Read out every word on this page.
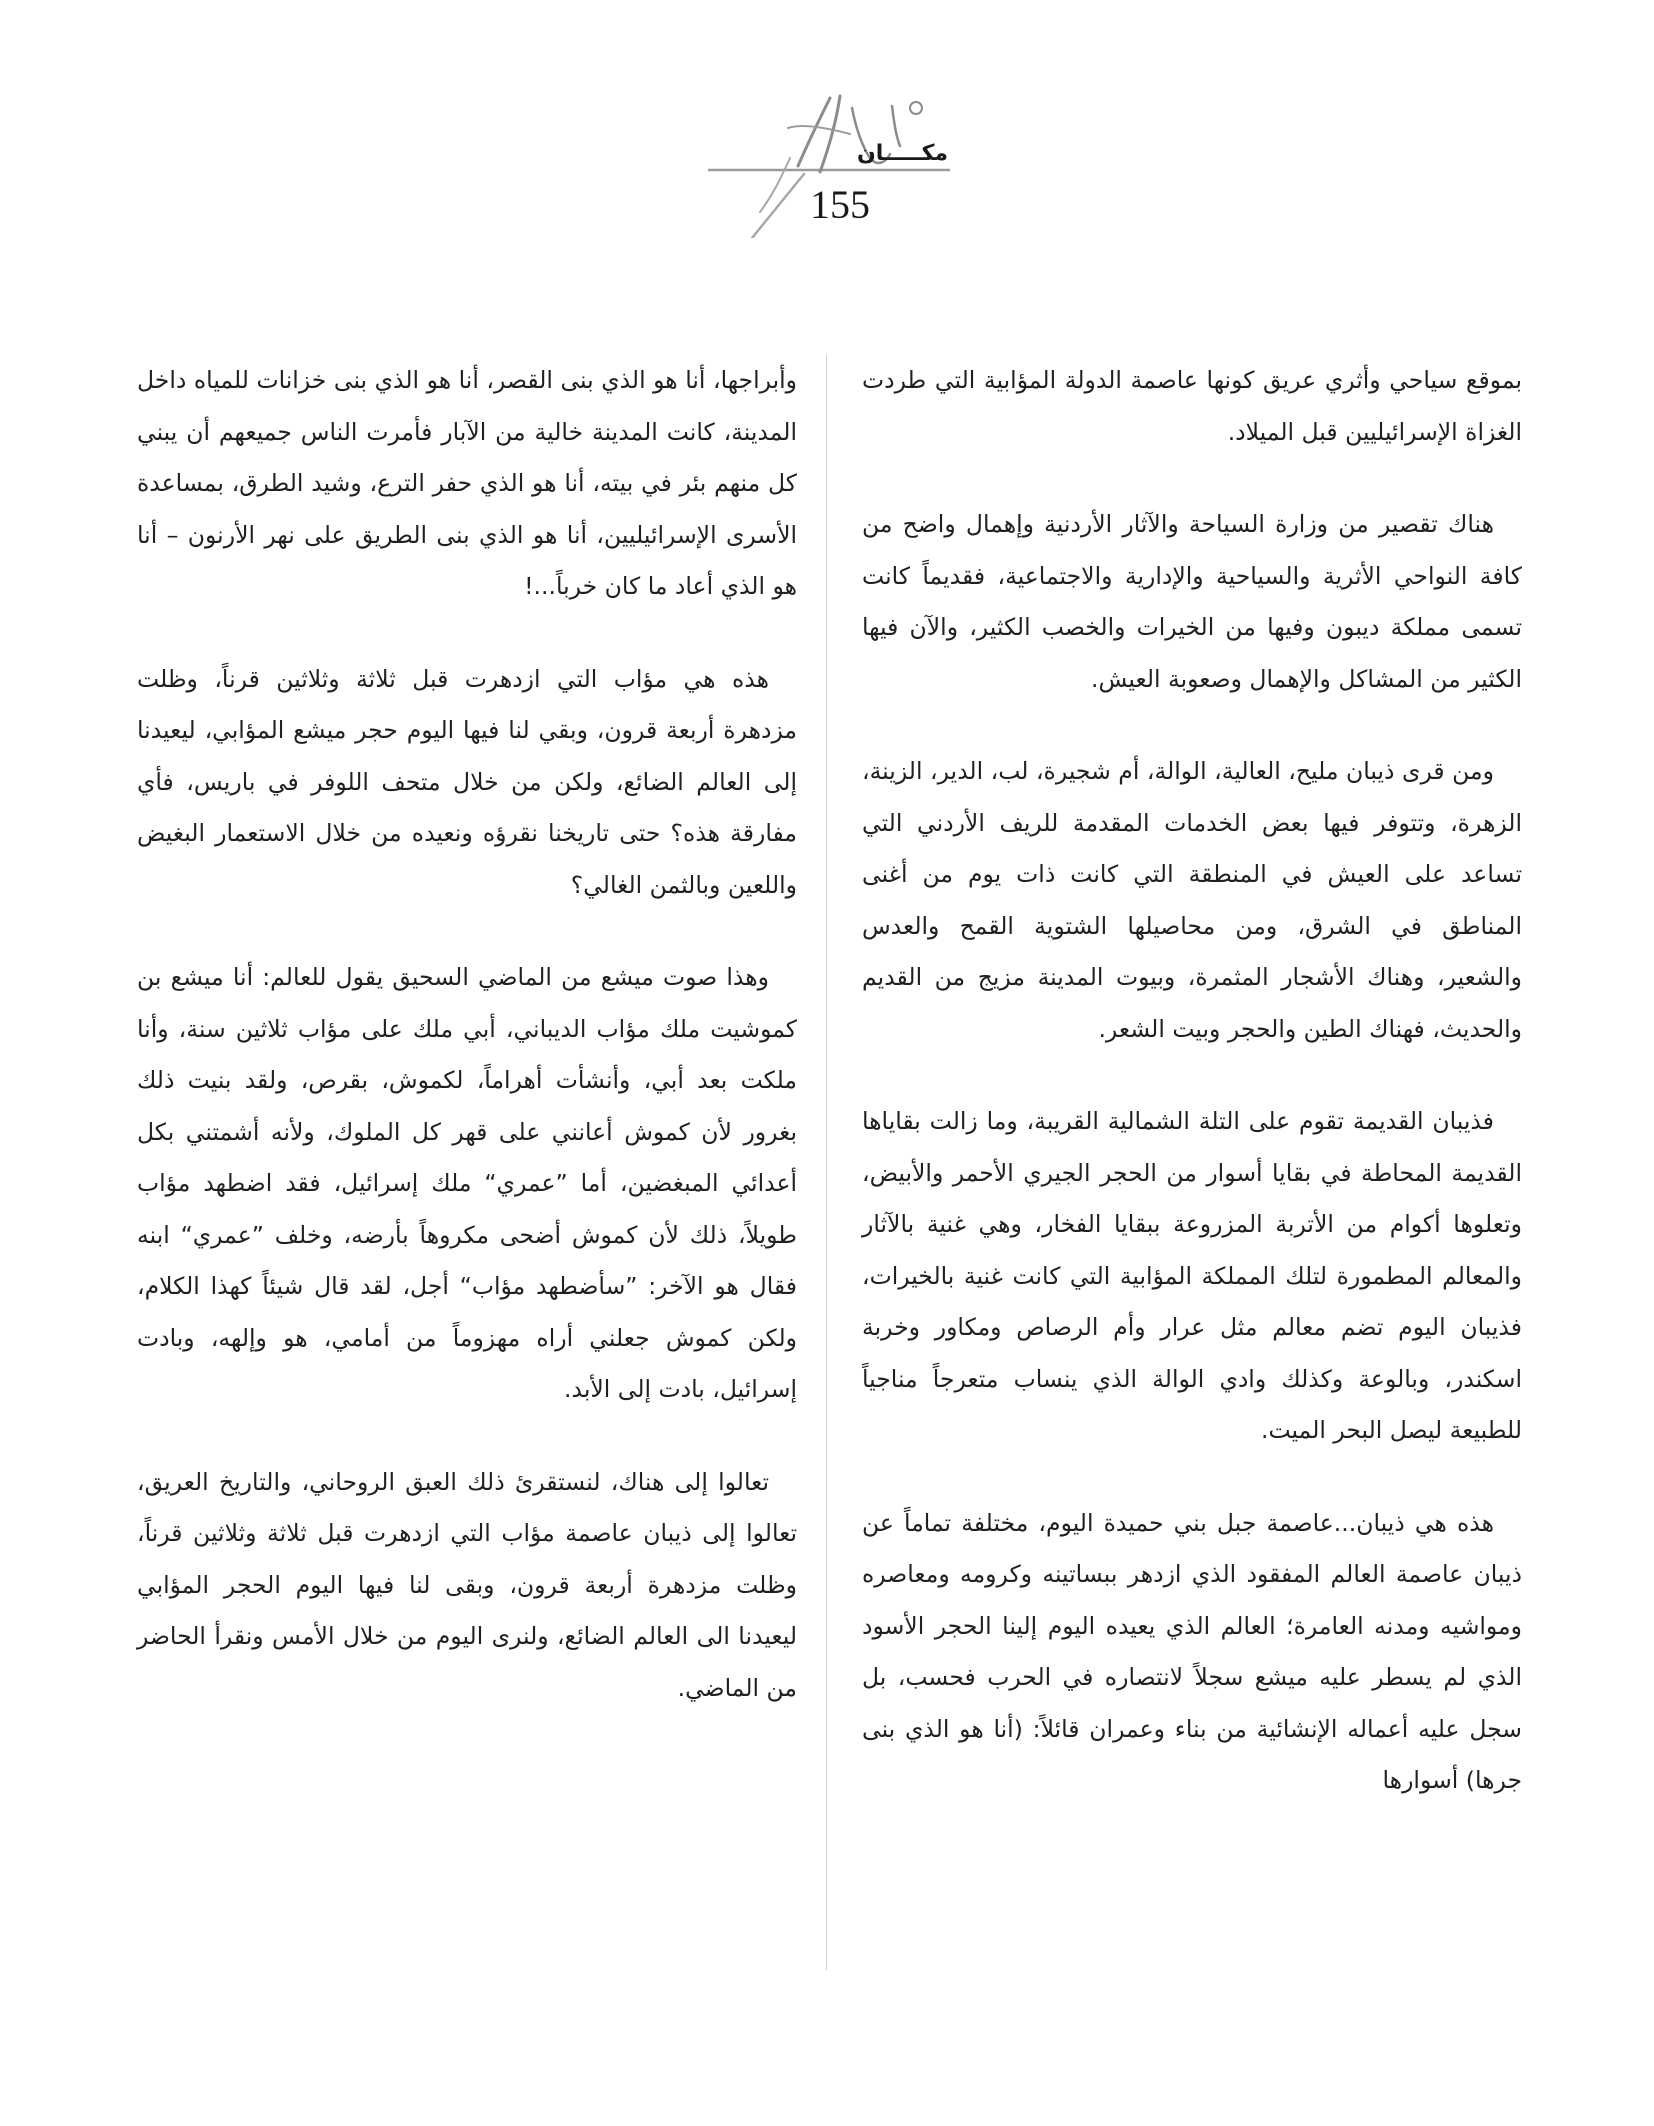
مكـــــان
155

بموقع سياحي وأثري عريق كونها عاصمة الدولة المؤابية التي طردت الغزاة الإسرائيليين قبل الميلاد.

هناك تقصير من وزارة السياحة والآثار الأردنية وإهمال واضح من كافة النواحي الأثرية والسياحية والإدارية والاجتماعية، فقديماً كانت تسمى مملكة ديبون وفيها من الخيرات والخصب الكثير، والآن فيها الكثير من المشاكل والإهمال وصعوبة العيش.

ومن قرى ذيبان مليح، العالية، الوالة، أم شجيرة، لب، الدير، الزينة، الزهرة، وتتوفر فيها بعض الخدمات المقدمة للريف الأردني التي تساعد على العيش في المنطقة التي كانت ذات يوم من أغنى المناطق في الشرق، ومن محاصيلها الشتوية القمح والعدس والشعير، وهناك الأشجار المثمرة، وبيوت المدينة مزيج من القديم والحديث، فهناك الطين والحجر وبيت الشعر.

فذيبان القديمة تقوم على التلة الشمالية القريبة، وما زالت بقاياها القديمة المحاطة في بقايا أسوار من الحجر الجيري الأحمر والأبيض، وتعلوها أكوام من الأتربة المزروعة ببقايا الفخار، وهي غنية بالآثار والمعالم المطمورة لتلك المملكة المؤابية التي كانت غنية بالخيرات، فذيبان اليوم تضم معالم مثل عرار وأم الرصاص ومكاور وخربة اسكندر، وبالوعة وكذلك وادي الوالة الذي ينساب متعرجاً مناجياً للطبيعة ليصل البحر الميت.

هذه هي ذيبان...عاصمة جبل بني حميدة اليوم، مختلفة تماماً عن ذيبان عاصمة العالم المفقود الذي ازدهر ببساتينه وكرومه ومعاصره ومواشيه ومدنه العامرة؛ العالم الذي يعيده اليوم إلينا الحجر الأسود الذي لم يسطر عليه ميشع سجلاً لانتصاره في الحرب فحسب، بل سجل عليه أعماله الإنشائية من بناء وعمران قائلاً: (أنا هو الذي بنى جرها) أسوارها

وأبراجها، أنا هو الذي بنى القصر، أنا هو الذي بنى خزانات للمياه داخل المدينة، كانت المدينة خالية من الآبار فأمرت الناس جميعهم أن يبني كل منهم بئر في بيته، أنا هو الذي حفر الترع، وشيد الطرق، بمساعدة الأسرى الإسرائيليين، أنا هو الذي بنى الطريق على نهر الأرنون – أنا هو الذي أعاد ما كان خرباً...!

هذه هي مؤاب التي ازدهرت قبل ثلاثة وثلاثين قرناً، وظلت مزدهرة أربعة قرون، وبقي لنا فيها اليوم حجر ميشع المؤابي، ليعيدنا إلى العالم الضائع، ولكن من خلال متحف اللوفر في باريس، فأي مفارقة هذه؟ حتى تاريخنا نقرؤه ونعيده من خلال الاستعمار البغيض واللعين وبالثمن الغالي؟

وهذا صوت ميشع من الماضي السحيق يقول للعالم: أنا ميشع بن كموشيت ملك مؤاب الديباني، أبي ملك على مؤاب ثلاثين سنة، وأنا ملكت بعد أبي، وأنشأت أهراماً، لكموش، بقرص، ولقد بنيت ذلك بغرور لأن كموش أعانني على قهر كل الملوك، ولأنه أشمتني بكل أعدائي المبغضين، أما ”عمري“ ملك إسرائيل، فقد اضطهد مؤاب طويلاً، ذلك لأن كموش أضحى مكروهاً بأرضه، وخلف ”عمري“ ابنه فقال هو الآخر: ”سأضطهد مؤاب“ أجل، لقد قال شيئاً كهذا الكلام، ولكن كموش جعلني أراه مهزوماً من أمامي، هو وإلهه، وبادت إسرائيل، بادت إلى الأبد.

تعالوا إلى هناك، لنستقرئ ذلك العبق الروحاني، والتاريخ العريق، تعالوا إلى ذيبان عاصمة مؤاب التي ازدهرت قبل ثلاثة وثلاثين قرناً، وظلت مزدهرة أربعة قرون، وبقى لنا فيها اليوم الحجر المؤابي ليعيدنا الى العالم الضائع، ولنرى اليوم من خلال الأمس ونقرأ الحاضر من الماضي.
